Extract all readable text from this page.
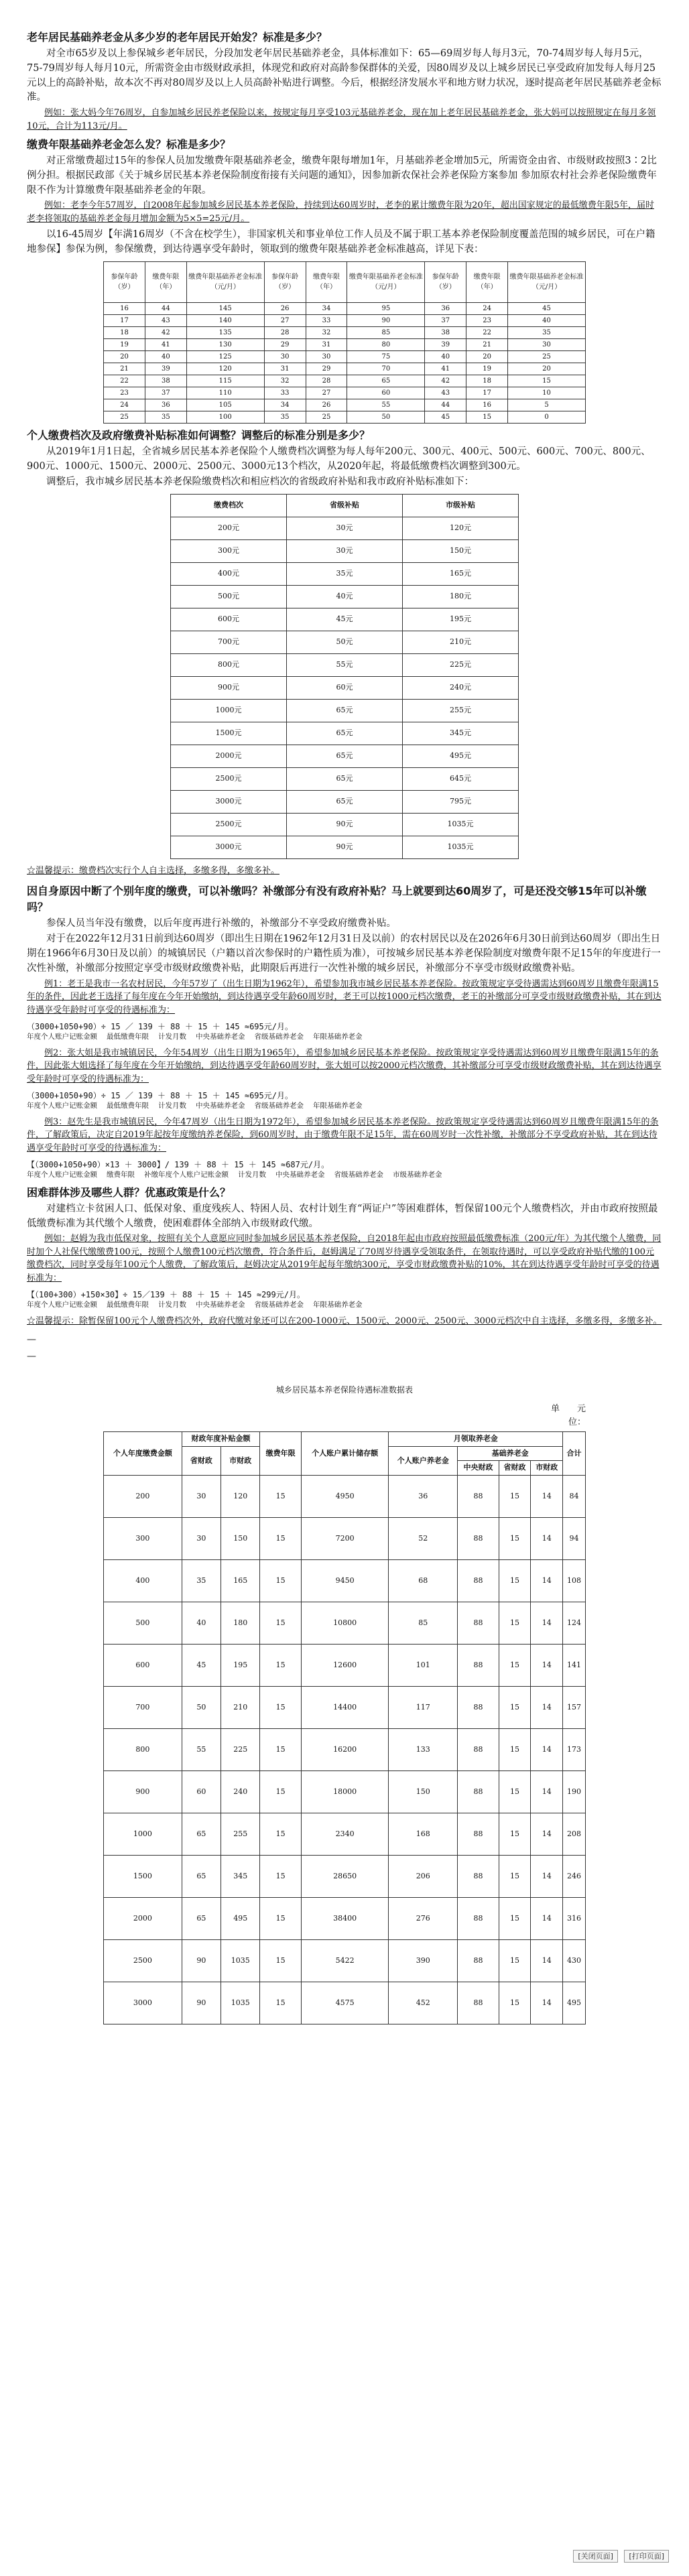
老年居民基础养老金从多少岁的老年居民开始发？标准是多少？
对全市65岁及以上参保城乡老年居民，分段加发老年居民基础养老金，具体标准如下：65—69周岁每人每月3元，70-74周岁每人每月5元，75-79周岁每人每月10元，所需资金由市级财政承担，体现党和政府对高龄参保群体的关爱，因80周岁及以上城乡居民已享受政府加发每人每月25元以上的高龄补贴，故本次不再对80周岁及以上人员高龄补贴进行调整。今后，根据经济发展水平和地方财力状况，逐时提高老年居民基础养老金标准。
例如：张大妈今年76周岁，自参加城乡居民养老保险以来，按规定每月享受103元基础养老金，现在加上老年居民基础养老金，张大妈可以按照规定在每月多领10元，合计为113元/月。
缴费年限基础养老金怎么发？标准是多少？
对正常缴费超过15年的参保人员加发缴费年限基础养老金，缴费年限每增加1年，月基础养老金增加5元，所需资金由省、市级财政按照3∶2比例分担。根据民政部《关于城乡居民基本养老保险制度衔接有关问题的通知》，因参加新农保社会养老保险方案参加 参加原农村社会养老保险缴费年限不作为计算缴费年限基础养老金的年限。
例如：老李今年57周岁，自2008年起参加城乡居民基本养老保险，持续到达60周岁时，老李的累计缴费年限为20年，超出国家规定的最低缴费年限5年，届时老李将领取的基础养老金每月增加金额为5×5=25元/月。
以16-45周岁【年满16周岁（不含在校学生），非国家机关和事业单位工作人员及不属于职工基本养老保险制度覆盖范围的城乡居民，可在户籍地参保】参保为例，参保缴费，到达待遇享受年龄时，领取到的缴费年限基础养老金标准越高，详见下表：
参保年龄（岁）	缴费年限（年）	缴费年限基础养老金标准（元/月）	参保年龄（岁）	缴费年限（年）	缴费年限基础养老金标准（元/月）	参保年龄（岁）	缴费年限（年）	缴费年限基础养老金标准（元/月）
16	44	145	26	34	95	36	24	45
17	43	140	27	33	90	37	23	40
18	42	135	28	32	85	38	22	35
19	41	130	29	31	80	39	21	30
20	40	125	30	30	75	40	20	25
21	39	120	31	29	70	41	19	20
22	38	115	32	28	65	42	18	15
23	37	110	33	27	60	43	17	10
24	36	105	34	26	55	44	16	5
25	35	100	35	25	50	45	15	0
个人缴费档次及政府缴费补贴标准如何调整？调整后的标准分别是多少？
从2019年1月1日起，全省城乡居民基本养老保险个人缴费档次调整为每人每年200元、300元、400元、500元、600元、700元、800元、900元、1000元、1500元、2000元、2500元、3000元13个档次，从2020年起，将最低缴费档次调整到300元。
调整后，我市城乡居民基本养老保险缴费档次和相应档次的省级政府补贴和我市政府补贴标准如下：
缴费档次	省级补贴	市级补贴
200元	30元	120元
300元	30元	150元
400元	35元	165元
500元	40元	180元
600元	45元	195元
700元	50元	210元
800元	55元	225元
900元	60元	240元
1000元	65元	255元
1500元	65元	345元
2000元	65元	495元
2500元	65元	645元
3000元	65元	795元
2500元	90元	1035元
3000元	90元	1035元
☆温馨提示：缴费档次实行个人自主选择，多缴多得，多缴多补。
因自身原因中断了个别年度的缴费，可以补缴吗？补缴部分有没有政府补贴？马上就要到达60周岁了，可是还没交够15年可以补缴吗？
参保人员当年没有缴费，以后年度再进行补缴的，补缴部分不享受政府缴费补贴。
对于在2022年12月31日前到达60周岁（即出生日期在1962年12月31日及以前）的农村居民以及在2026年6月30日前到达60周岁（即出生日期在1966年6月30日及以前）的城镇居民（户籍以首次参保时的户籍性质为准），可按城乡居民基本养老保险制度对缴费年限不足15年的年度进行一次性补缴，补缴部分按照定享受市级财政缴费补贴，此期限后再进行一次性补缴的城乡居民，补缴部分不享受市级财政缴费补贴。
例1：老王是我市一名农村居民，今年57岁了（出生日期为1962年），希望参加我市城乡居民基本养老保险。按政策规定享受待遇需达到60周岁且缴费年限满15年的条件，因此老王选择了每年度在今年开始缴纳，到达待遇享受年龄60周岁时，老王可以按1000元档次缴费，老王的补缴部分可享受市级财政缴费补贴，其在到达待遇享受年龄时可享受的待遇标准为：
（3000+1050+90）÷ 15 ／ 139 ＋ 88 ＋ 15 ＋ 145 ≈695元/月。
年度个人账户记账金额 最低缴费年限 计发月数 中央基础养老金 省级基础养老金 年限基础养老金
例2：张大姐是我市城镇居民，今年54周岁（出生日期为1965年），希望参加城乡居民基本养老保险。按政策规定享受待遇需达到60周岁且缴费年限满15年的条件，因此张大姐选择了每年度在今年开始缴纳，到达待遇享受年龄60周岁时，张大姐可以按2000元档次缴费，其补缴部分可享受市级财政缴费补贴，其在到达待遇享受年龄时可享受的待遇标准为：
（3000+1050+90）÷ 15 ／ 139 ＋ 88 ＋ 15 ＋ 145 ≈695元/月。
年度个人账户记账金额 最低缴费年限 计发月数 中央基础养老金 省级基础养老金 年限基础养老金
例3：赵先生是我市城镇居民，今年47周岁（出生日期为1972年），希望参加城乡居民基本养老保险。按政策规定享受待遇需达到60周岁且缴费年限满15年的条件，了解政策后，决定自2019年起按年度缴纳养老保险，到60周岁时，由于缴费年限不足15年，需在60周岁时一次性补缴，补缴部分不享受政府补贴，其在到达待遇享受年龄时可享受的待遇标准为：
【（3000+1050+90）×13 ＋ 3000】/ 139 ＋ 88 ＋ 15 ＋ 145 ≈687元/月。
年度个人账户记账金额 缴费年限 补缴年度个人账户记账金额 计发月数 中央基础养老金 省级基础养老金 市级基础养老金
困难群体涉及哪些人群？优惠政策是什么？
对建档立卡贫困人口、低保对象、重度残疾人、特困人员、农村计划生育“两证户”等困难群体，暂保留100元个人缴费档次，并由市政府按照最低缴费标准为其代缴个人缴费，使困难群体全部纳入市级财政代缴。
例如：赵姆为我市低保对象，按照有关个人意愿应同时参加城乡居民基本养老保险，自2018年起由市政府按照最低缴费标准（200元/年）为其代缴个人缴费，同时加个人社保代缴缴费100元，按照个人缴费100元档次缴费，符合条件后，赵姆满足了70周岁待遇享受领取条件，在领取待遇时，可以享受政府补贴代缴的100元缴费档次，同时享受每年100元个人缴费，了解政策后，赵姆决定从2019年起每年缴纳300元，享受市财政缴费补贴的10%，其在到达待遇享受年龄时可享受的待遇标准为：
【（100+300）+150×30】÷ 15／139 ＋ 88 ＋ 15 ＋ 145 ≈299元/月。
年度个人账户记账金额 最低缴费年限 计发月数 中央基础养老金 省级基础养老金 年限基础养老金
☆温馨提示：除暂保留100元个人缴费档次外，政府代缴对象还可以在200-1000元、1500元、2000元、2500元、3000元档次中自主选择，多缴多得，多缴多补。
—
—
城乡居民基本养老保险待遇标准数据表
单　　元
位：
个人年度缴费金额	财政年度补贴金额		缴费年限	个人账户累计储存额	月领取养老金				合计
	省财政	市财政			个人账户养老金	基础养老金			
						中央财政	省财政	市财政	
200	30	120	15	4950	36	88	15	14	84
300	30	150	15	7200	52	88	15	14	94
400	35	165	15	9450	68	88	15	14	108
500	40	180	15	10800	85	88	15	14	124
600	45	195	15	12600	101	88	15	14	141
700	50	210	15	14400	117	88	15	14	157
800	55	225	15	16200	133	88	15	14	173
900	60	240	15	18000	150	88	15	14	190
1000	65	255	15	2340	168	88	15	14	208
1500	65	345	15	28650	206	88	15	14	246
2000	65	495	15	38400	276	88	15	14	316
2500	90	1035	15	5422	390	88	15	14	430
3000	90	1035	15	4575	452	88	15	14	495
[关闭页面] [打印页面]
